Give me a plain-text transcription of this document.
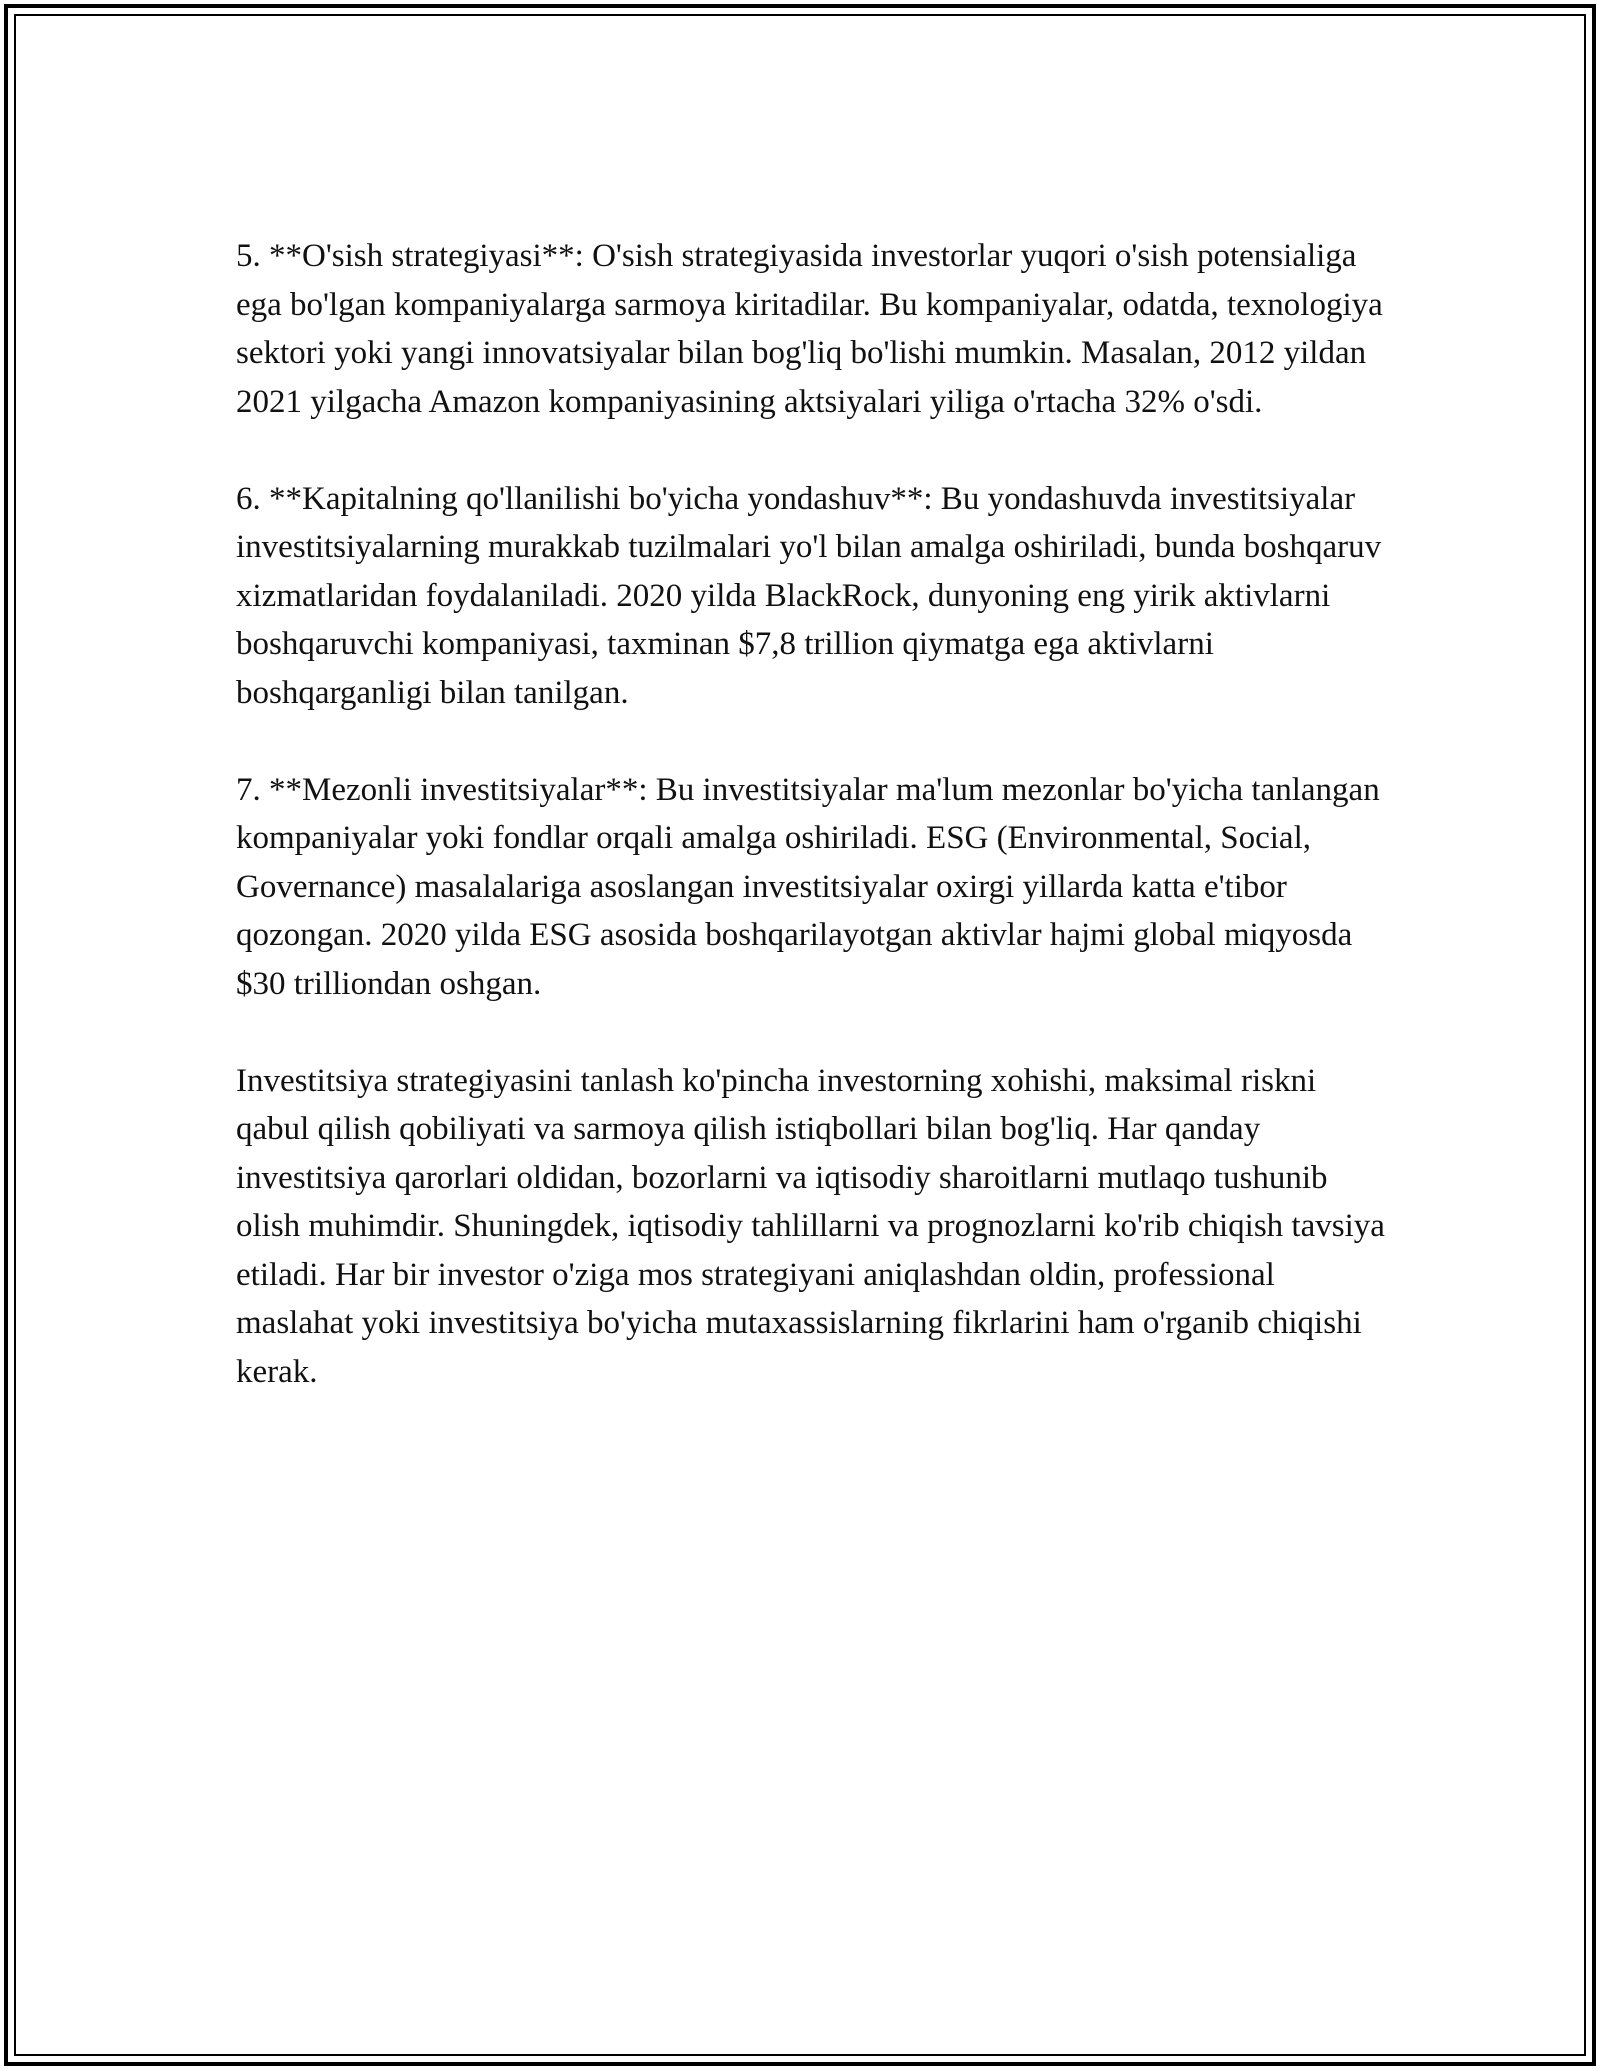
5. **O'sish strategiyasi**: O'sish strategiyasida investorlar yuqori o'sish potensialiga ega bo'lgan kompaniyalarga sarmoya kiritadilar. Bu kompaniyalar, odatda, texnologiya sektori yoki yangi innovatsiyalar bilan bog'liq bo'lishi mumkin. Masalan, 2012 yildan 2021 yilgacha Amazon kompaniyasining aktsiyalari yiliga o'rtacha 32% o'sdi.

6. **Kapitalning qo'llanilishi bo'yicha yondashuv**: Bu yondashuvda investitsiyalar investitsiyalarning murakkab tuzilmalari yo'l bilan amalga oshiriladi, bunda boshqaruv xizmatlaridan foydalaniladi. 2020 yilda BlackRock, dunyoning eng yirik aktivlarni boshqaruvchi kompaniyasi, taxminan $7,8 trillion qiymatga ega aktivlarni boshqarganligi bilan tanilgan.

7. **Mezonli investitsiyalar**: Bu investitsiyalar ma'lum mezonlar bo'yicha tanlangan kompaniyalar yoki fondlar orqali amalga oshiriladi. ESG (Environmental, Social, Governance) masalalariga asoslangan investitsiyalar oxirgi yillarda katta e'tibor qozongan. 2020 yilda ESG asosida boshqarilayotgan aktivlar hajmi global miqyosda $30 trilliondan oshgan.

Investitsiya strategiyasini tanlash ko'pincha investorning xohishi, maksimal riskni qabul qilish qobiliyati va sarmoya qilish istiqbollari bilan bog'liq. Har qanday investitsiya qarorlari oldidan, bozorlarni va iqtisodiy sharoitlarni mutlaqo tushunib olish muhimdir. Shuningdek, iqtisodiy tahlillarni va prognozlarni ko'rib chiqish tavsiya etiladi. Har bir investor o'ziga mos strategiyani aniqlashdan oldin, professional maslahat yoki investitsiya bo'yicha mutaxassislarning fikrlarini ham o'rganib chiqishi kerak.
